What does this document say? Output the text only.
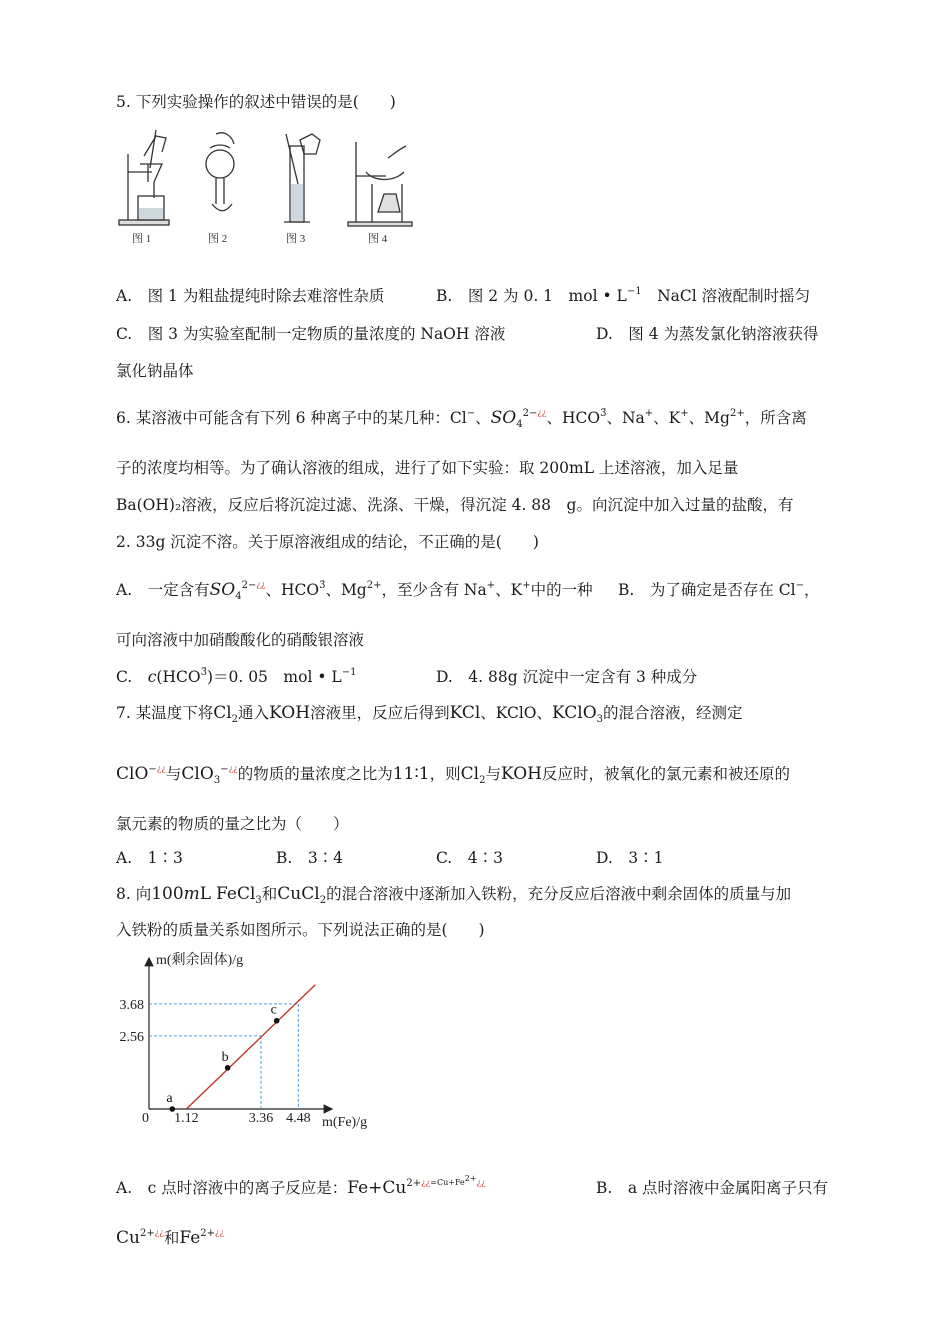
5. 下列实验操作的叙述中错误的是(　　)
图 1	图 2	图 3	图 4
A.　图 1 为粗盐提纯时除去难溶性杂质	B.　图 2 为 0. 1　mol • $L^{-1}$　NaCl 溶液配制时摇匀
C.　图 3 为实验室配制一定物质的量浓度的 NaOH 溶液	D.　图 4 为蒸发氯化钠溶液获得
氯化钠晶体
6. 某溶液中可能含有下列 6 种离子中的某几种：Cl−、$SO_4^{2-¿¿}$、$HCO^{3̄}$、Na+、K+、$Mg^{2+}$，所含离
子的浓度均相等。为了确认溶液的组成，进行了如下实验：取 200mL 上述溶液，加入足量
Ba(OH)₂溶液，反应后将沉淀过滤、洗涤、干燥，得沉淀 4. 88　g。向沉淀中加入过量的盐酸，有
2. 33g 沉淀不溶。关于原溶液组成的结论，不正确的是(　　)
A.　一定含有$SO_4^{2-¿¿}$、$HCO^{3̄}$、$Mg^{2+}$，至少含有 Na+、K+中的一种 B.　为了确定是否存在 Cl−，
可向溶液中加硝酸酸化的硝酸银溶液
C.　$c(HCO^{3̄})=0$. 05　mol • $L^{-1}$	D.　4. 88g 沉淀中一定含有 3 种成分
7. 某温度下将$Cl_2$通入KOH溶液里，反应后得到KCl、KClO、KClO$_3$的混合溶液，经测定
ClO−¿¿与ClO$_3$−¿¿的物质的量浓度之比为11∶1，则$Cl_2$与KOH反应时，被氧化的氯元素和被还原的
氯元素的物质的量之比为（　　）
A.　1∶3	B.　3∶4	C.　4∶3	D.　3∶1
8. 向100mL FeCl$_3$和CuCl$_2$的混合溶液中逐渐加入铁粉，充分反应后溶液中剩余固体的质量与加
入铁粉的质量关系如图所示。下列说法正确的是(　　)
a
b
c
m(剩余固体)/g
m(Fe)/g
0 1.12	3.36 4.48
3.68
2.56
A.　c 点时溶液中的离子反应是：$Fe+Cu^{2+¿¿=Cu+Fe2+¿¿}$	B.　a 点时溶液中金属阳离子只有
$Cu^{2+¿¿}$和$Fe^{2+¿¿}$
